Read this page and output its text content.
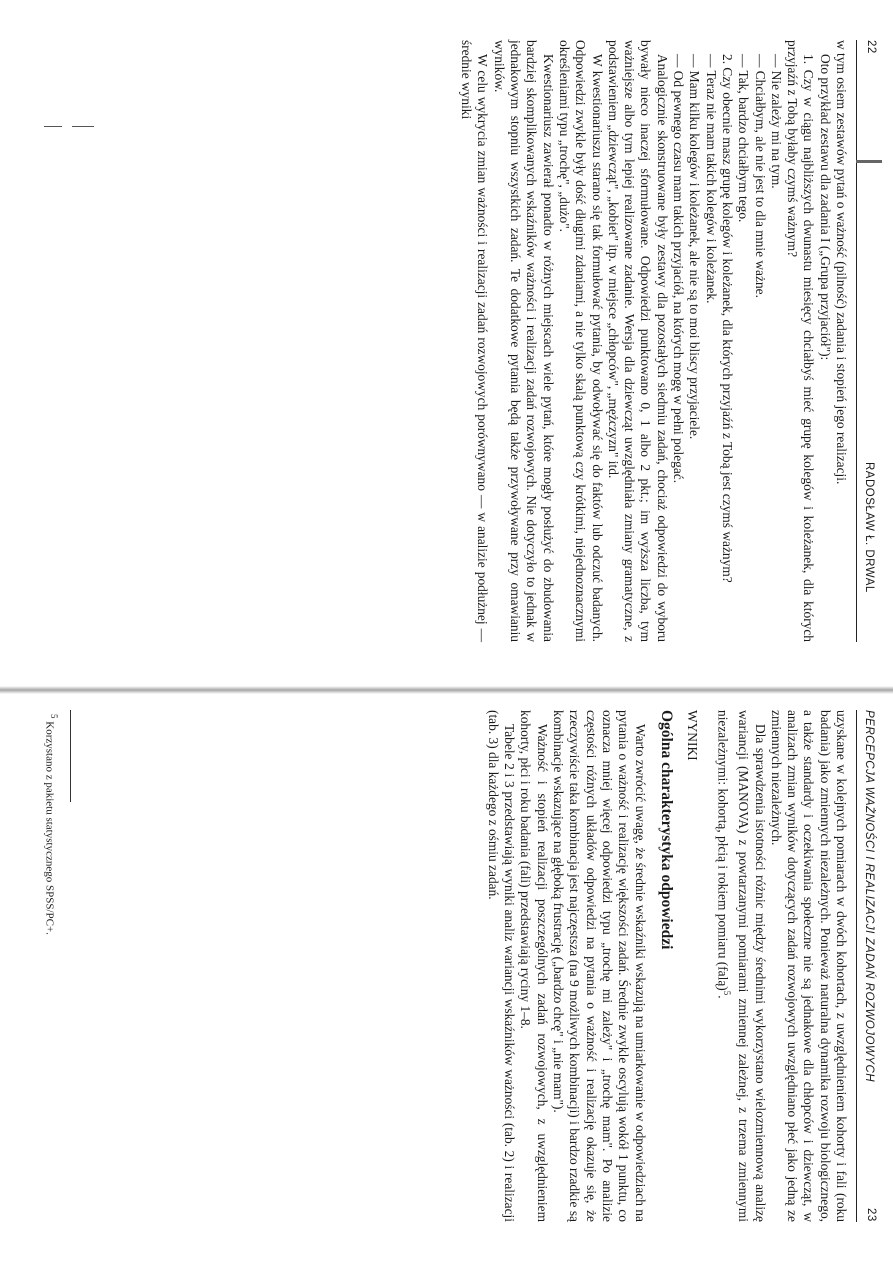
22
RADOSŁAW Ł. DRWAL

w tym osiem zestawów pytań o ważność (pilność) zadania i stopień jego realizacji.

Oto przykład zestawu dla zadania I („Grupa przyjaciół"):

1. Czy w ciągu najbliższych dwunastu miesięcy chciałbyś mieć grupę kolegów i koleżanek, dla których przyjaźń z Tobą byłaby czymś ważnym?

— Nie zależy mi na tym.

— Chciałbym, ale nie jest to dla mnie ważne.

— Tak, bardzo chciałbym tego.

2. Czy obecnie masz grupę kolegów i koleżanek, dla których przyjaźń z Tobą jest czymś ważnym?

— Teraz nie mam takich kolegów i koleżanek.

— Mam kilku kolegów i koleżanek, ale nie są to moi bliscy przyjaciele.

— Od pewnego czasu mam takich przyjaciół, na których mogę w pełni polegać.

Analogicznie skonstruowane były zestawy dla pozostałych siedmiu zadań, chociaż odpowiedzi do wyboru bywały nieco inaczej sformułowane. Odpowiedzi punktowano 0, 1 albo 2 pkt.; im wyższa liczba, tym ważniejsze albo tym lepiej realizowane zadanie. Wersja dla dziewcząt uwzględniała zmiany gramatyczne, z podstawieniem „dziewcząt", „kobiet" itp. w miejsce „chłopców", „mężczyzn" itd.

W kwestionariuszu starano się tak formułować pytania, by odwoływać się do faktów lub odczuć badanych. Odpowiedzi zwykle były dość długimi zdaniami, a nie tylko skalą punktową czy krótkimi, niejednoznacznymi określeniami typu „trochę", „dużo".

Kwestionariusz zawierał ponadto w różnych miejscach wiele pytań, które mogły posłużyć do zbudowania bardziej skomplikowanych wskaźników ważności i realizacji zadań rozwojowych. Nie dotyczyło to jednak w jednakowym stopniu wszystkich zadań. Te dodatkowe pytania będą także przywoływane przy omawianiu wyników.

W celu wykrycia zmian ważności i realizacji zadań rozwojowych porównywano — w analizie podłużnej — średnie wyniki

PERCEPCJA WAŻNOŚCI I REALIZACJI ZADAŃ ROZWOJOWYCH
23

uzyskane w kolejnych pomiarach w dwóch kohortach, z uwzględnieniem kohorty i fali (roku badania) jako zmiennych niezależnych. Ponieważ naturalna dynamika rozwoju biologicznego, a także standardy i oczekiwania społeczne nie są jednakowe dla chłopców i dziewcząt, w analizach zmian wyników dotyczących zadań rozwojowych uwzględniano płeć jako jedną ze zmiennych niezależnych.

Dla sprawdzenia istotności różnic między średnimi wykorzystano wielozmiennową analizę wariancji (MANOVA) z powtarzanymi pomiarami zmiennej zależnej, z trzema zmiennymi niezależnymi: kohortą, płcią i rokiem pomiaru (falą)$^5$.

WYNIKI

Ogólna charakterystyka odpowiedzi

Warto zwrócić uwagę, że średnie wskaźniki wskazują na umiarkowanie w odpowiedziach na pytania o ważność i realizację większości zadań. Średnie zwykle oscylują wokół 1 punktu, co oznacza mniej więcej odpowiedzi typu „trochę mi zależy" i „trochę mam". Po analizie częstości różnych układów odpowiedzi na pytania o ważność i realizację okazuje się, że rzeczywiście taka kombinacja jest najczęstsza (na 9 możliwych kombinacji) i bardzo rzadkie są kombinacje wskazujące na głęboką frustrację („bardzo chcę" i „nie mam").

Ważność i stopień realizacji poszczególnych zadań rozwojowych, z uwzględnieniem kohorty, płci i roku badania (fali) przedstawiają ryciny 1–8.

Tabele 2 i 3 przedstawiają wyniki analiz wariancji wskaźników ważności (tab. 2) i realizacji (tab. 3) dla każdego z ośmiu zadań.

$^5$ Korzystano z pakietu statystycznego SPSS/PC+.
